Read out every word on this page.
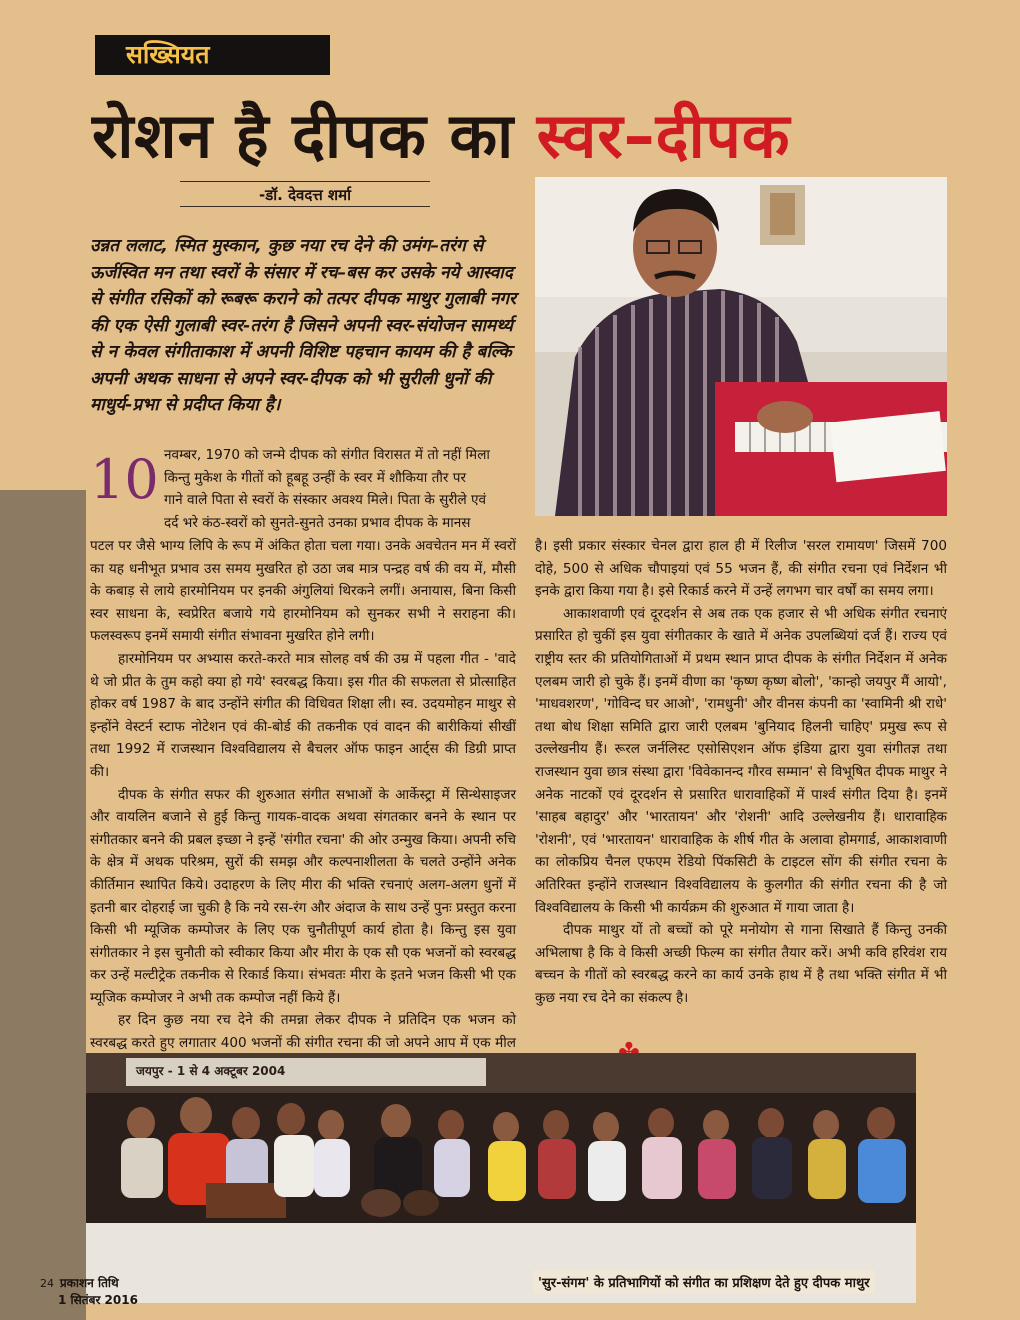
सख्सियत
रोशन है दीपक का स्वर–दीपक
-डॉ. देवदत्त शर्मा
उन्नत ललाट, स्मित मुस्कान, कुछ नया रच देने की उमंग–तरंग से ऊर्जस्वित मन तथा स्वरों के संसार में रच–बस कर उसके नये आस्वाद से संगीत रसिकों को रूबरू कराने को तत्पर दीपक माथुर गुलाबी नगर की एक ऐसी गुलाबी स्वर-तरंग है जिसने अपनी स्वर-संयोजन सामर्थ्य से न केवल संगीताकाश में अपनी विशिष्ट पहचान कायम की है बल्कि अपनी अथक साधना से अपने स्वर-दीपक को भी सुरीली धुनों की माधुर्य-प्रभा से प्रदीप्त किया है।
10 नवम्बर, 1970 को जन्मे दीपक को संगीत विरासत में तो नहीं मिला
किन्तु मुकेश के गीतों को हूबहू उन्हीं के स्वर में शौकिया तौर पर
गाने वाले पिता से स्वरों के संस्कार अवश्य मिले। पिता के सुरीले एवं
दर्द भरे कंठ-स्वरों को सुनते-सुनते उनका प्रभाव दीपक के मानस

पटल पर जैसे भाग्य लिपि के रूप में अंकित होता चला गया। उनके अवचेतन मन में स्वरों का यह धनीभूत प्रभाव उस समय मुखरित हो उठा जब मात्र पन्द्रह वर्ष की वय में, मौसी के कबाड़ से लाये हारमोनियम पर इनकी अंगुलियां थिरकने लगीं। अनायास, बिना किसी स्वर साधना के, स्वप्रेरित बजाये गये हारमोनियम को सुनकर सभी ने सराहना की। फलस्वरूप इनमें समायी संगीत संभावना मुखरित होने लगी।

हारमोनियम पर अभ्यास करते-करते मात्र सोलह वर्ष की उम्र में पहला गीत - 'वादे थे जो प्रीत के तुम कहो क्या हो गये' स्वरबद्ध किया। इस गीत की सफलता से प्रोत्साहित होकर वर्ष 1987 के बाद उन्होंने संगीत की विधिवत शिक्षा ली। स्व. उदयमोहन माथुर से इन्होंने वेस्टर्न स्टाफ नोटेशन एवं की-बोर्ड की तकनीक एवं वादन की बारीकियां सीखीं तथा 1992 में राजस्थान विश्वविद्यालय से बैचलर ऑफ फाइन आर्ट्स की डिग्री प्राप्त की।

दीपक के संगीत सफर की शुरुआत संगीत सभाओं के आर्केस्ट्रा में सिन्थेसाइजर और वायलिन बजाने से हुई किन्तु गायक-वादक अथवा संगतकार बनने के स्थान पर संगीतकार बनने की प्रबल इच्छा ने इन्हें 'संगीत रचना' की ओर उन्मुख किया। अपनी रुचि के क्षेत्र में अथक परिश्रम, सुरों की समझ और कल्पनाशीलता के चलते उन्होंने अनेक कीर्तिमान स्थापित किये। उदाहरण के लिए मीरा की भक्ति रचनाएं अलग-अलग धुनों में इतनी बार दोहराई जा चुकी है कि नये रस-रंग और अंदाज के साथ उन्हें पुनः प्रस्तुत करना किसी भी म्यूजिक कम्पोजर के लिए एक चुनौतीपूर्ण कार्य होता है। किन्तु इस युवा संगीतकार ने इस चुनौती को स्वीकार किया और मीरा के एक सौ एक भजनों को स्वरबद्ध कर उन्हें मल्टीट्रेक तकनीक से रिकार्ड किया। संभवतः मीरा के इतने भजन किसी भी एक म्यूजिक कम्पोजर ने अभी तक कम्पोज नहीं किये हैं।

हर दिन कुछ नया रच देने की तमन्ना लेकर दीपक ने प्रतिदिन एक भजन को स्वरबद्ध करते हुए लगातार 400 भजनों की संगीत रचना की जो अपने आप में एक मील

है। इसी प्रकार संस्कार चेनल द्वारा हाल ही में रिलीज 'सरल रामायण' जिसमें 700 दोहे, 500 से अधिक चौपाइयां एवं 55 भजन हैं, की संगीत रचना एवं निर्देशन भी इनके द्वारा किया गया है। इसे रिकार्ड करने में उन्हें लगभग चार वर्षों का समय लगा।

आकाशवाणी एवं दूरदर्शन से अब तक एक हजार से भी अधिक संगीत रचनाएं प्रसारित हो चुकीं इस युवा संगीतकार के खाते में अनेक उपलब्धियां दर्ज हैं। राज्य एवं राष्ट्रीय स्तर की प्रतियोगिताओं में प्रथम स्थान प्राप्त दीपक के संगीत निर्देशन में अनेक एलबम जारी हो चुके हैं। इनमें वीणा का 'कृष्ण कृष्ण बोलो', 'कान्हो जयपुर मैं आयो', 'माधवशरण', 'गोविन्द घर आओ', 'रामधुनी' और वीनस कंपनी का 'स्वामिनी श्री राधे' तथा बोध शिक्षा समिति द्वारा जारी एलबम 'बुनियाद हिलनी चाहिए' प्रमुख रूप से उल्लेखनीय हैं। रूरल जर्नलिस्ट एसोसिएशन ऑफ इंडिया द्वारा युवा संगीतज्ञ तथा राजस्थान युवा छात्र संस्था द्वारा 'विवेकानन्द गौरव सम्मान' से विभूषित दीपक माथुर ने अनेक नाटकों एवं दूरदर्शन से प्रसारित धारावाहिकों में पार्श्व संगीत दिया है। इनमें 'साहब बहादुर' और 'भारतायन' और 'रोशनी' आदि उल्लेखनीय हैं। धारावाहिक 'रोशनी', एवं 'भारतायन' धारावाहिक के शीर्ष गीत के अलावा होमगार्ड, आकाशवाणी का लोकप्रिय चैनल एफएम रेडियो पिंकसिटी के टाइटल सोंग की संगीत रचना के अतिरिक्त इन्होंने राजस्थान विश्वविद्यालय के कुलगीत की संगीत रचना की है जो विश्वविद्यालय के किसी भी कार्यक्रम की शुरुआत में गाया जाता है।

दीपक माथुर यों तो बच्चों को पूरे मनोयोग से गाना सिखाते हैं किन्तु उनकी अभिलाषा है कि वे किसी अच्छी फिल्म का संगीत तैयार करें। अभी कवि हरिवंश राय बच्चन के गीतों को स्वरबद्ध करने का कार्य उनके हाथ में है तथा भक्ति संगीत में भी कुछ नया रच देने का संकल्प है।

जयपुर - 1 से 4 अक्टूबर 2004
'सुर-संगम' के प्रतिभागियों को संगीत का प्रशिक्षण देते हुए दीपक माथुर
24 प्रकाशन तिथि
1 सितंबर 2016
